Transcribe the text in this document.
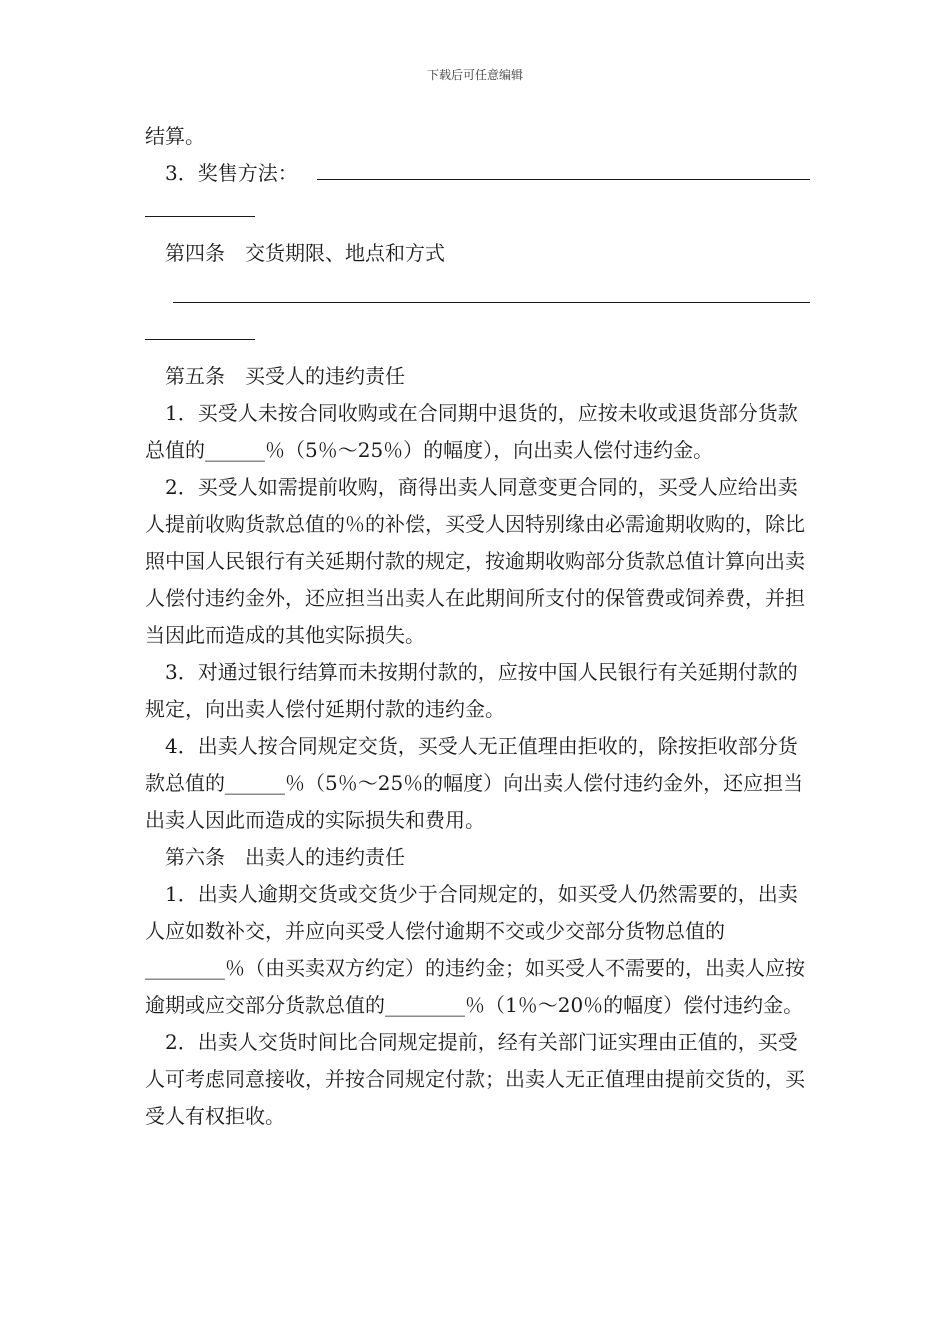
下载后可任意编辑

结算。

3．奖售方法：

第四条　交货期限、地点和方式

第五条　买受人的违约责任

1．买受人未按合同收购或在合同期中退货的，应按未收或退货部分货款总值的______％（5％～25％）的幅度），向出卖人偿付违约金。

2．买受人如需提前收购，商得出卖人同意变更合同的，买受人应给出卖人提前收购货款总值的％的补偿，买受人因特别缘由必需逾期收购的，除比照中国人民银行有关延期付款的规定，按逾期收购部分货款总值计算向出卖人偿付违约金外，还应担当出卖人在此期间所支付的保管费或饲养费，并担当因此而造成的其他实际损失。

3．对通过银行结算而未按期付款的，应按中国人民银行有关延期付款的规定，向出卖人偿付延期付款的违约金。

4．出卖人按合同规定交货，买受人无正值理由拒收的，除按拒收部分货款总值的______％（5％～25％的幅度）向出卖人偿付违约金外，还应担当出卖人因此而造成的实际损失和费用。

第六条　出卖人的违约责任

1．出卖人逾期交货或交货少于合同规定的，如买受人仍然需要的，出卖人应如数补交，并应向买受人偿付逾期不交或少交部分货物总值的________％（由买卖双方约定）的违约金；如买受人不需要的，出卖人应按逾期或应交部分货款总值的________％（1％～20％的幅度）偿付违约金。

2．出卖人交货时间比合同规定提前，经有关部门证实理由正值的，买受人可考虑同意接收，并按合同规定付款；出卖人无正值理由提前交货的，买受人有权拒收。
